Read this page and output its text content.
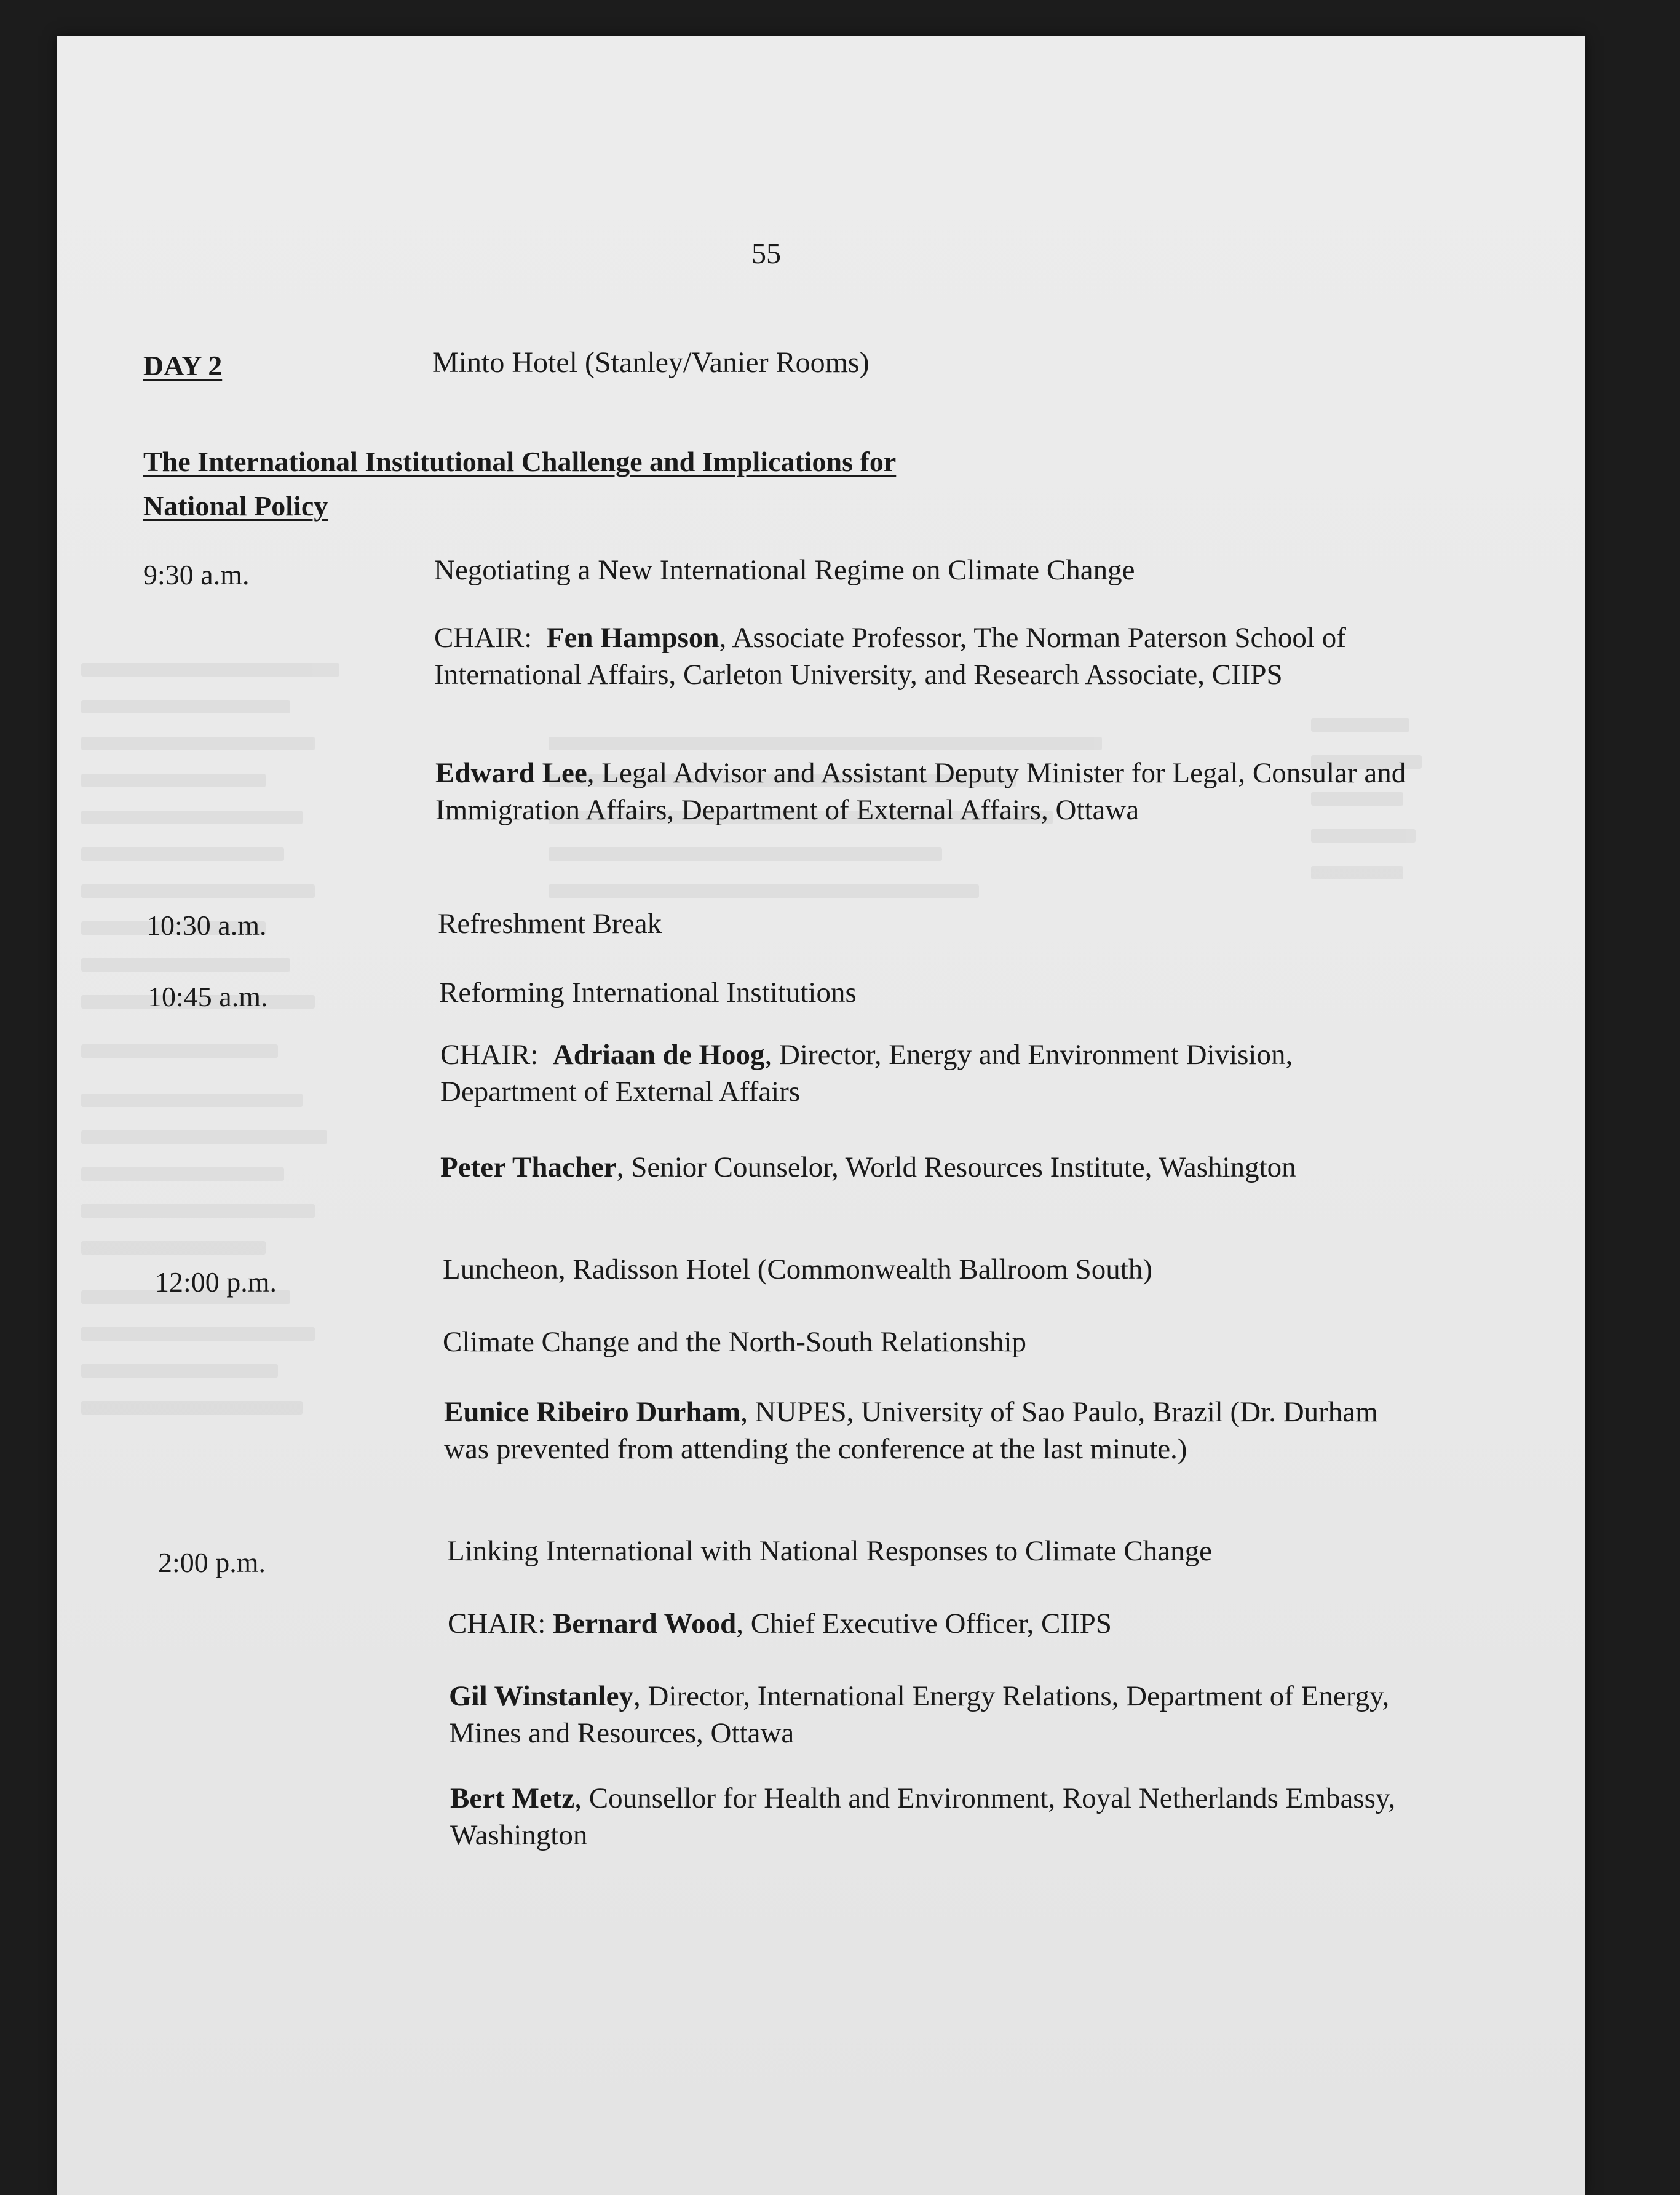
55
DAY 2	Minto Hotel (Stanley/Vanier Rooms)
The International Institutional Challenge and Implications for
National Policy
9:30 a.m.	Negotiating a New International Regime on Climate Change
CHAIR: Fen Hampson, Associate Professor, The Norman Paterson School of International Affairs, Carleton University, and Research Associate, CIIPS
Edward Lee, Legal Advisor and Assistant Deputy Minister for Legal, Consular and Immigration Affairs, Department of External Affairs, Ottawa
10:30 a.m.	Refreshment Break
10:45 a.m.	Reforming International Institutions
CHAIR: Adriaan de Hoog, Director, Energy and Environment Division, Department of External Affairs
Peter Thacher, Senior Counselor, World Resources Institute, Washington
12:00 p.m.	Luncheon, Radisson Hotel (Commonwealth Ballroom South)
Climate Change and the North-South Relationship
Eunice Ribeiro Durham, NUPES, University of Sao Paulo, Brazil (Dr. Durham was prevented from attending the conference at the last minute.)
2:00 p.m.	Linking International with National Responses to Climate Change
CHAIR: Bernard Wood, Chief Executive Officer, CIIPS
Gil Winstanley, Director, International Energy Relations, Department of Energy, Mines and Resources, Ottawa
Bert Metz, Counsellor for Health and Environment, Royal Netherlands Embassy, Washington
